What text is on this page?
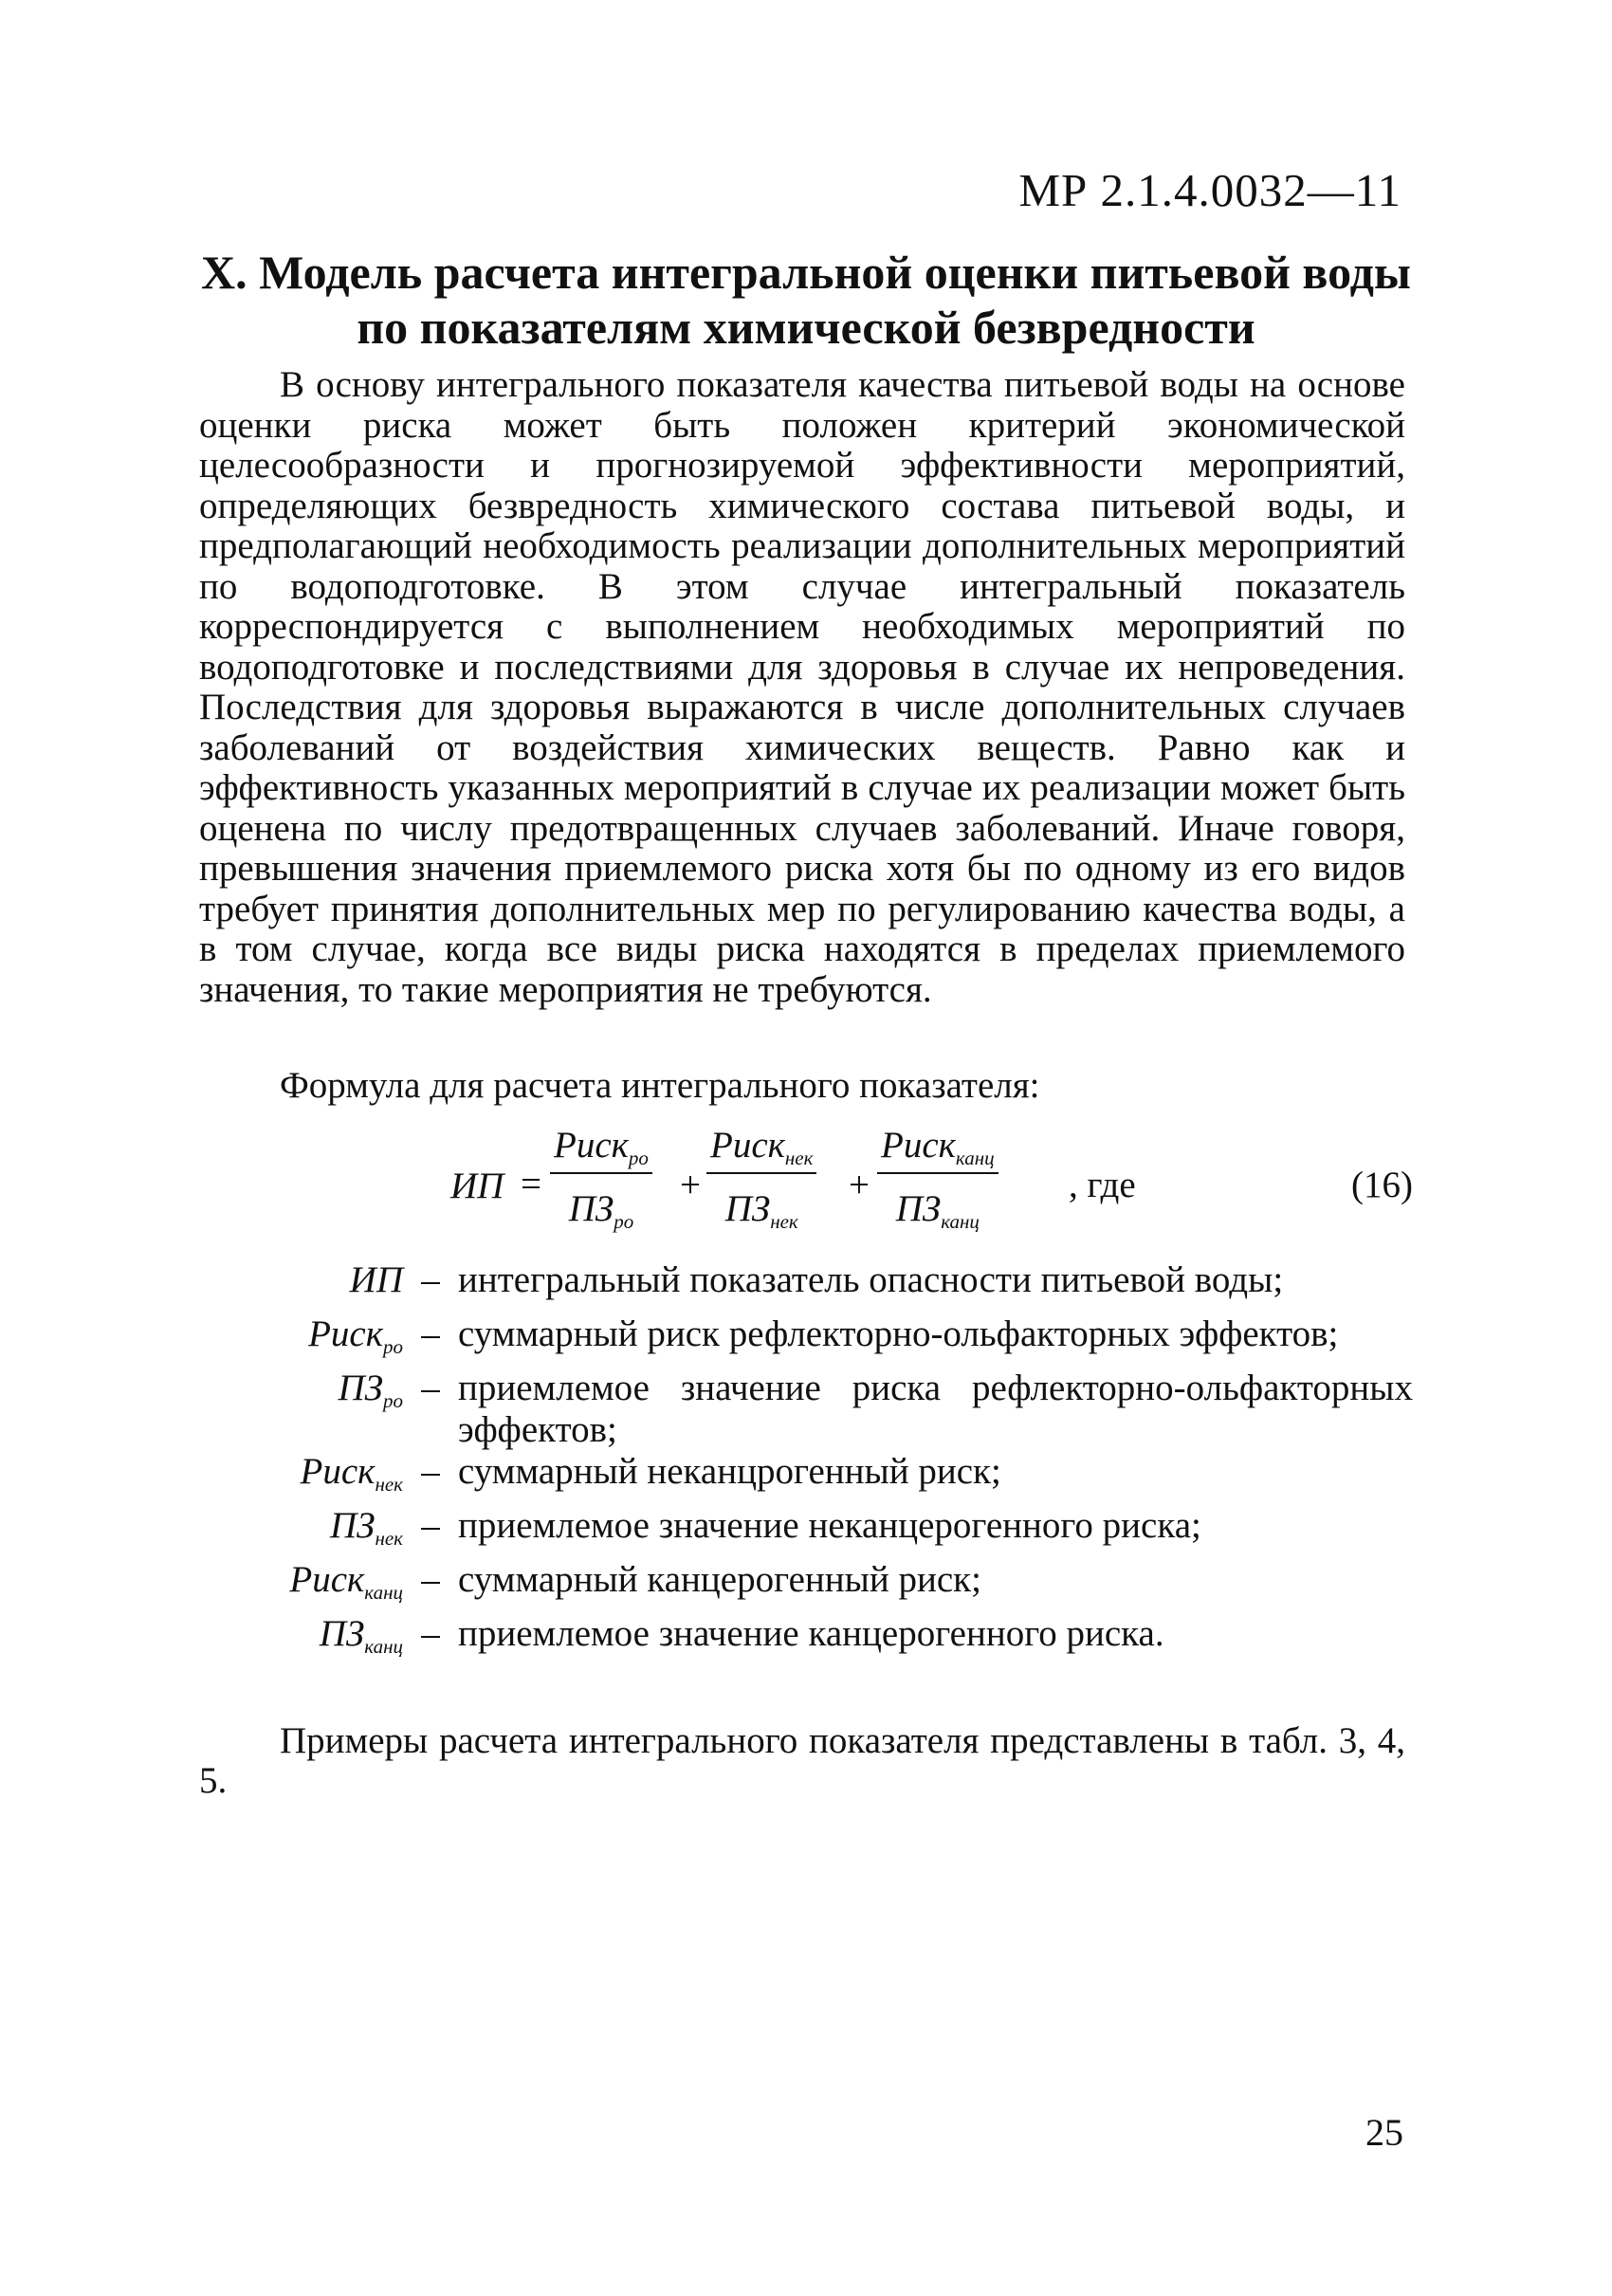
МР 2.1.4.0032—11
X. Модель расчета интегральной оценки питьевой воды
по показателям химической безвредности

В основу интегрального показателя качества питьевой воды на основе оценки риска может быть положен критерий экономической целесообразности и прогнозируемой эффективности мероприятий, определяющих безвредность химического состава питьевой воды, и предполагающий необходимость реализации дополнительных мероприятий по водоподготовке. В этом случае интегральный показатель корреспондируется с выполнением необходимых мероприятий по водоподготовке и последствиями для здоровья в случае их непроведения. Последствия для здоровья выражаются в числе дополнительных случаев заболеваний от воздействия химических веществ. Равно как и эффективность указанных мероприятий в случае их реализации может быть оценена по числу предотвращенных случаев заболеваний. Иначе говоря, превышения значения приемлемого риска хотя бы по одному из его видов требует принятия дополнительных мер по регулированию качества воды, а в том случае, когда все виды риска находятся в пределах приемлемого значения, то такие мероприятия не требуются.

Формула для расчета интегрального показателя:
ИП =
Риск$_{ро}$
$ПЗ_{ро}$
+
Риск$_{нек}$
$ПЗ_{нек}$
+
Риск$_{канц}$
$ПЗ_{канц}$
, где	(16)
ИП – интегральный показатель опасности питьевой воды;
Риск$_{ро}$ – суммарный риск рефлекторно-ольфакторных эффектов;
$ПЗ_{ро}$ – приемлемое значение риска рефлекторно-ольфакторных эффектов;
Риск$_{нек}$ – суммарный неканцрогенный риск;
$ПЗ_{нек}$ – приемлемое значение неканцерогенного риска;
Риск$_{канц}$ – суммарный канцерогенный риск;
$ПЗ_{канц}$ – приемлемое значение канцерогенного риска.

Примеры расчета интегрального показателя представлены в табл. 3, 4, 5.

25
